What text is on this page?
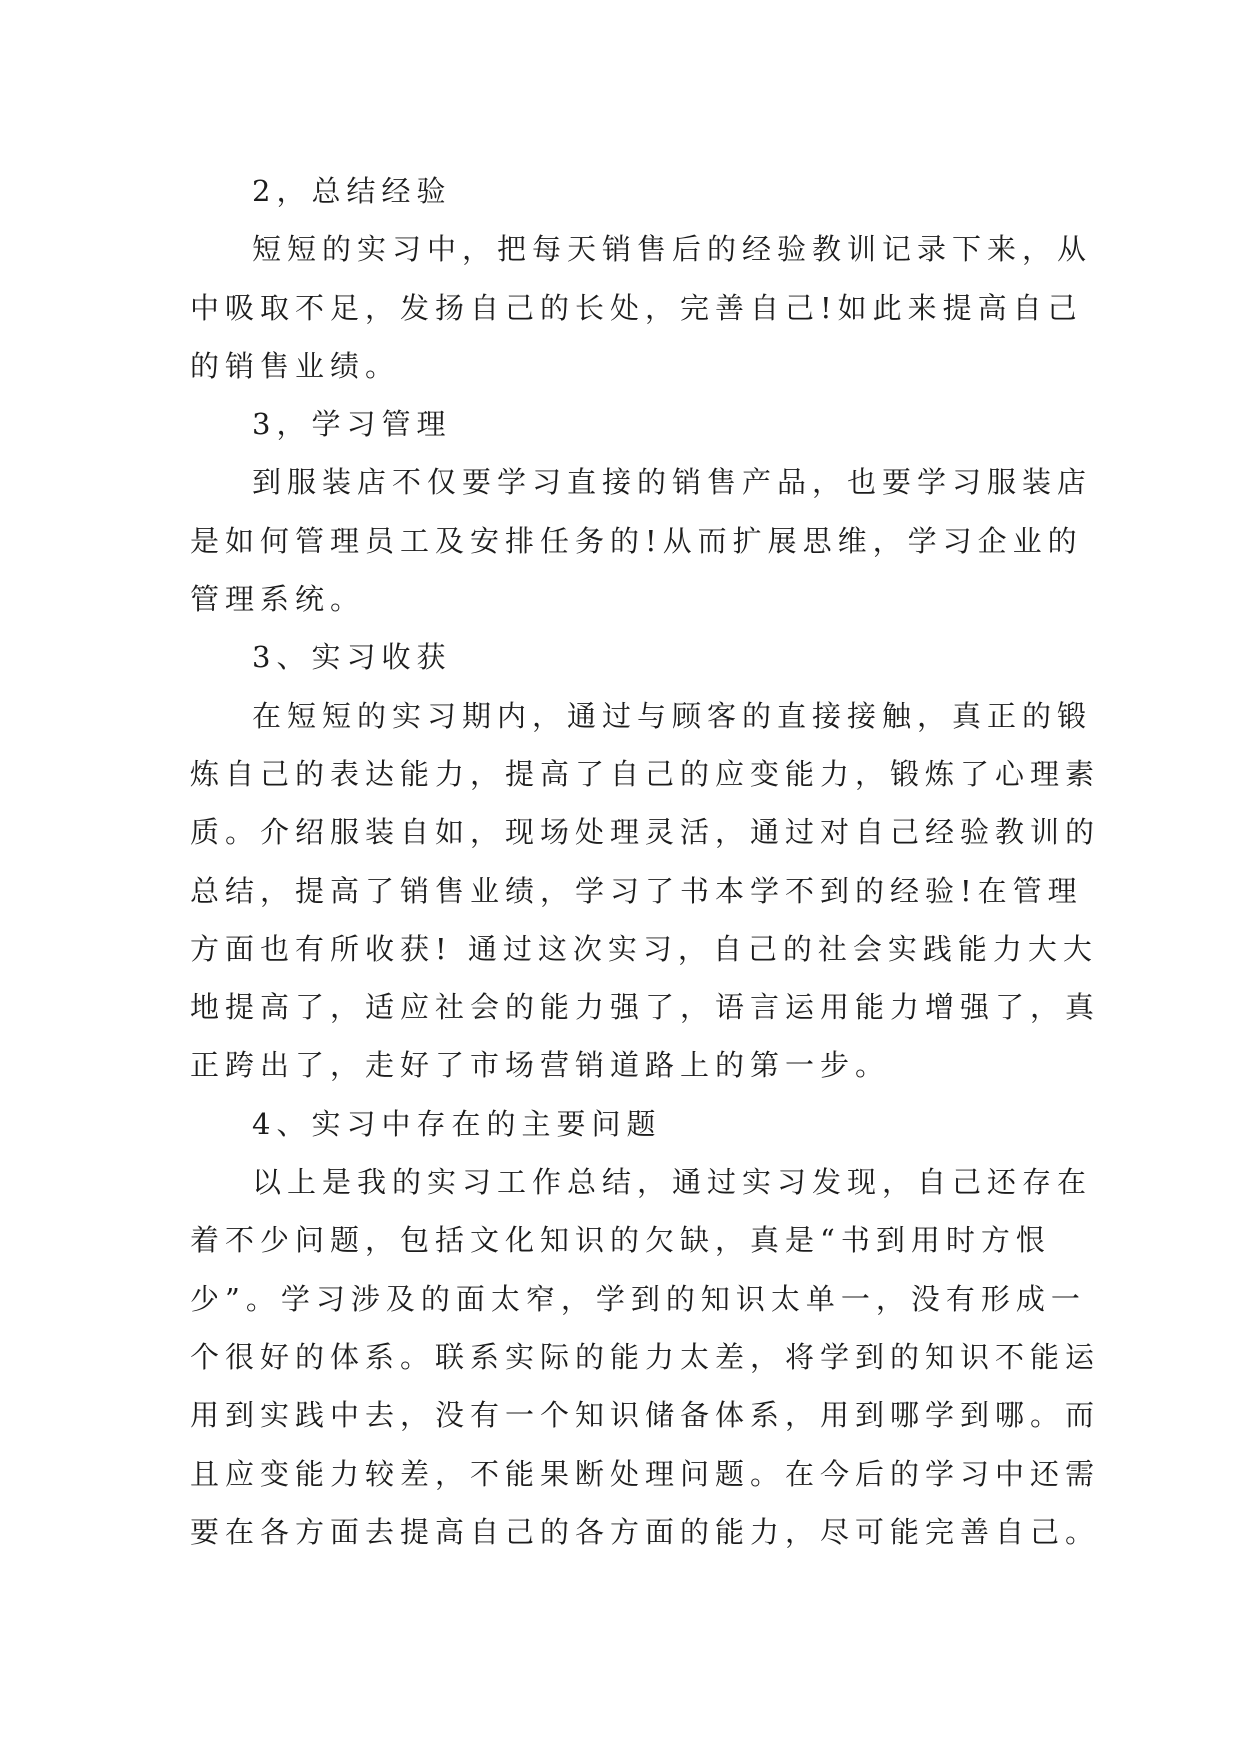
2，总结经验

短短的实习中，把每天销售后的经验教训记录下来，从
中吸取不足，发扬自己的长处，完善自己!如此来提高自己
的销售业绩。

3，学习管理

到服装店不仅要学习直接的销售产品，也要学习服装店
是如何管理员工及安排任务的!从而扩展思维，学习企业的
管理系统。

3、实习收获

在短短的实习期内，通过与顾客的直接接触，真正的锻
炼自己的表达能力，提高了自己的应变能力，锻炼了心理素
质。介绍服装自如，现场处理灵活，通过对自己经验教训的
总结，提高了销售业绩，学习了书本学不到的经验!在管理
方面也有所收获! 通过这次实习，自己的社会实践能力大大
地提高了，适应社会的能力强了，语言运用能力增强了，真
正跨出了，走好了市场营销道路上的第一步。

4、实习中存在的主要问题

以上是我的实习工作总结，通过实习发现，自己还存在
着不少问题，包括文化知识的欠缺，真是“书到用时方恨
少”。学习涉及的面太窄，学到的知识太单一，没有形成一
个很好的体系。联系实际的能力太差，将学到的知识不能运
用到实践中去，没有一个知识储备体系，用到哪学到哪。而
且应变能力较差，不能果断处理问题。在今后的学习中还需
要在各方面去提高自己的各方面的能力，尽可能完善自己。
